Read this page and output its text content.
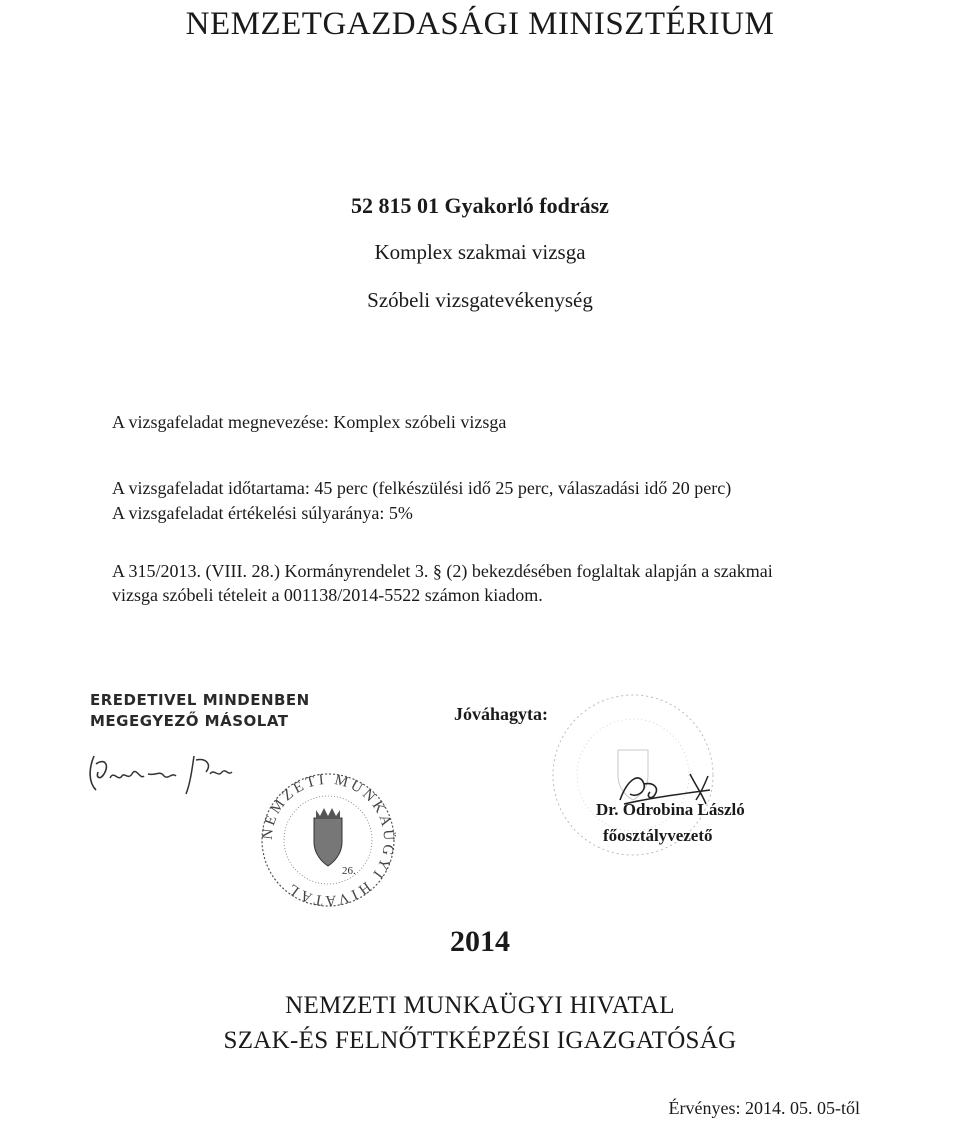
NEMZETGAZDASÁGI MINISZTÉRIUM
52 815 01 Gyakorló fodrász
Komplex szakmai vizsga
Szóbeli vizsgatevékenység
A vizsgafeladat megnevezése: Komplex szóbeli vizsga
A vizsgafeladat időtartama: 45 perc (felkészülési idő 25 perc, válaszadási idő 20 perc)
A vizsgafeladat értékelési súlyaránya: 5%
A 315/2013. (VIII. 28.) Kormányrendelet 3. § (2) bekezdésében foglaltak alapján a szakmai
vizsga szóbeli tételeit a 001138/2014-5522 számon kiadom.
EREDETIVEL MINDENBEN
MEGEGYEZŐ MÁSOLAT
NEMZETI MUNKAÜGYI HIVATAL
26.
Jóváhagyta:
Dr. Odrobina László
főosztályvezető
2014
NEMZETI MUNKAÜGYI HIVATAL
SZAK-ÉS FELNŐTTKÉPZÉSI IGAZGATÓSÁG
Érvényes: 2014. 05. 05-től
